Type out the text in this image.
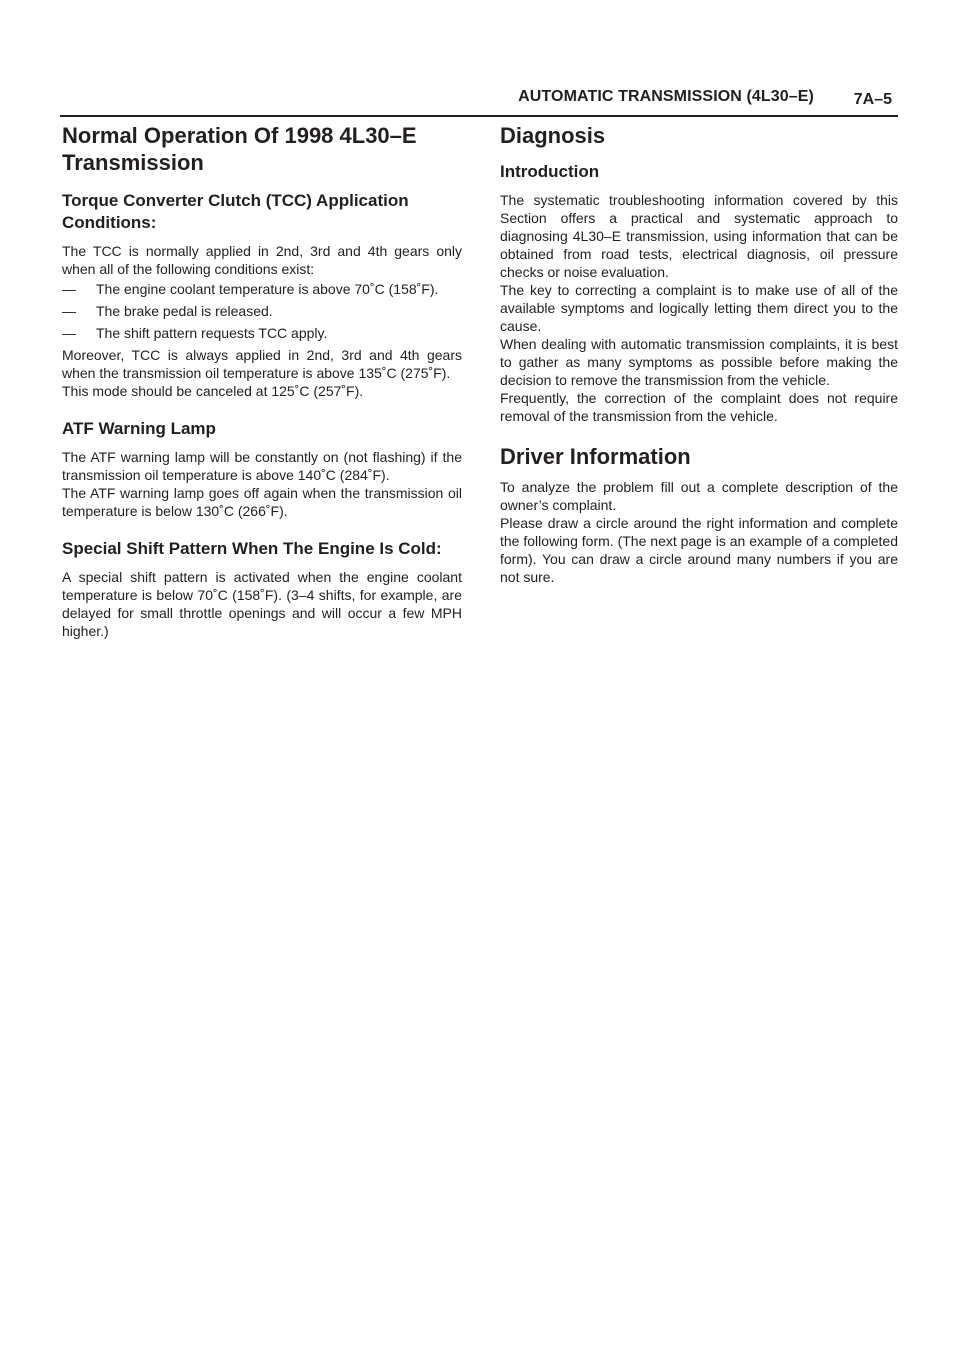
AUTOMATIC TRANSMISSION (4L30–E) 7A–5
Normal Operation Of 1998 4L30–E Transmission
Torque Converter Clutch (TCC) Application Conditions:

The TCC is normally applied in 2nd, 3rd and 4th gears only when all of the following conditions exist:

— The engine coolant temperature is above 70˚C (158˚F).
— The brake pedal is released.
— The shift pattern requests TCC apply.

Moreover, TCC is always applied in 2nd, 3rd and 4th gears when the transmission oil temperature is above 135˚C (275˚F).

This mode should be canceled at 125˚C (257˚F).

ATF Warning Lamp

The ATF warning lamp will be constantly on (not flashing) if the transmission oil temperature is above 140˚C (284˚F).

The ATF warning lamp goes off again when the transmission oil temperature is below 130˚C (266˚F).

Special Shift Pattern When The Engine Is Cold:

A special shift pattern is activated when the engine coolant temperature is below 70˚C (158˚F). (3–4 shifts, for example, are delayed for small throttle openings and will occur a few MPH higher.)

Diagnosis
Introduction

The systematic troubleshooting information covered by this Section offers a practical and systematic approach to diagnosing 4L30–E transmission, using information that can be obtained from road tests, electrical diagnosis, oil pressure checks or noise evaluation.

The key to correcting a complaint is to make use of all of the available symptoms and logically letting them direct you to the cause.

When dealing with automatic transmission complaints, it is best to gather as many symptoms as possible before making the decision to remove the transmission from the vehicle.

Frequently, the correction of the complaint does not require removal of the transmission from the vehicle.

Driver Information

To analyze the problem fill out a complete description of the owner’s complaint.

Please draw a circle around the right information and complete the following form. (The next page is an example of a completed form). You can draw a circle around many numbers if you are not sure.
